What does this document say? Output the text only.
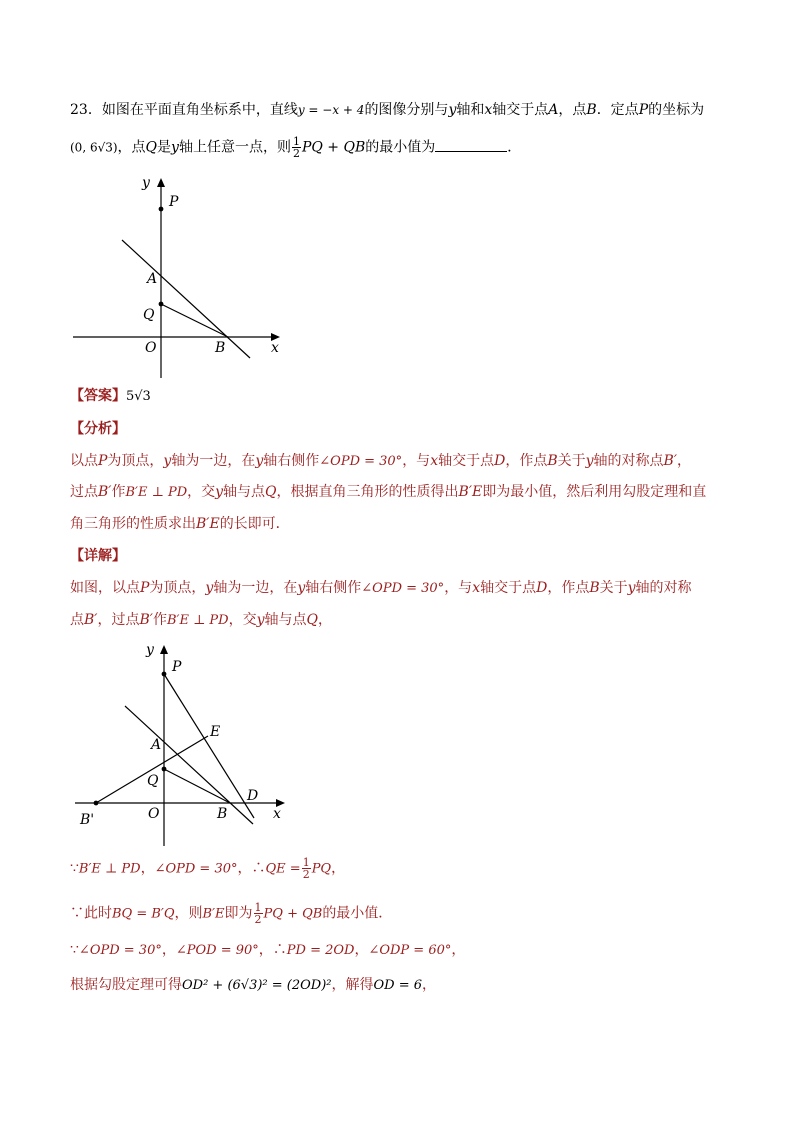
23．如图在平面直角坐标系中，直线y = −x + 4的图像分别与y轴和x轴交于点A，点B．定点P的坐标为
(0, 6√3)，点Q是y轴上任意一点，则 $\frac{1}{2}$ PQ + QB的最小值为	．
y
P
A
Q
O	B	x
【答案】5√3
【分析】
以点P为顶点，y轴为一边，在y轴右侧作∠OPD = 30°，与x轴交于点D，作点B关于y轴的对称点B′，
过点B′作B′E ⊥ PD，交y轴与点Q，根据直角三角形的性质得出B′E即为最小值，然后利用勾股定理和直
角三角形的性质求出B′E的长即可．
【详解】
如图，以点P为顶点，y轴为一边，在y轴右侧作∠OPD = 30°，与x轴交于点D，作点B关于y轴的对称
点B′，过点B′作B′E ⊥ PD，交y轴与点Q，
y
P
E
A
Q
D
O	B	x
B'
∵B′E ⊥ PD，∠OPD = 30°，∴QE = $\frac{1}{2}$ PQ，
∵此时BQ = B′Q，则B′E即为 $\frac{1}{2}$ PQ + QB的最小值．
∵∠OPD = 30°，∠POD = 90°，∴PD = 2OD，∠ODP = 60°，
根据勾股定理可得OD² + (6√3)² = (2OD)²，解得OD = 6，
